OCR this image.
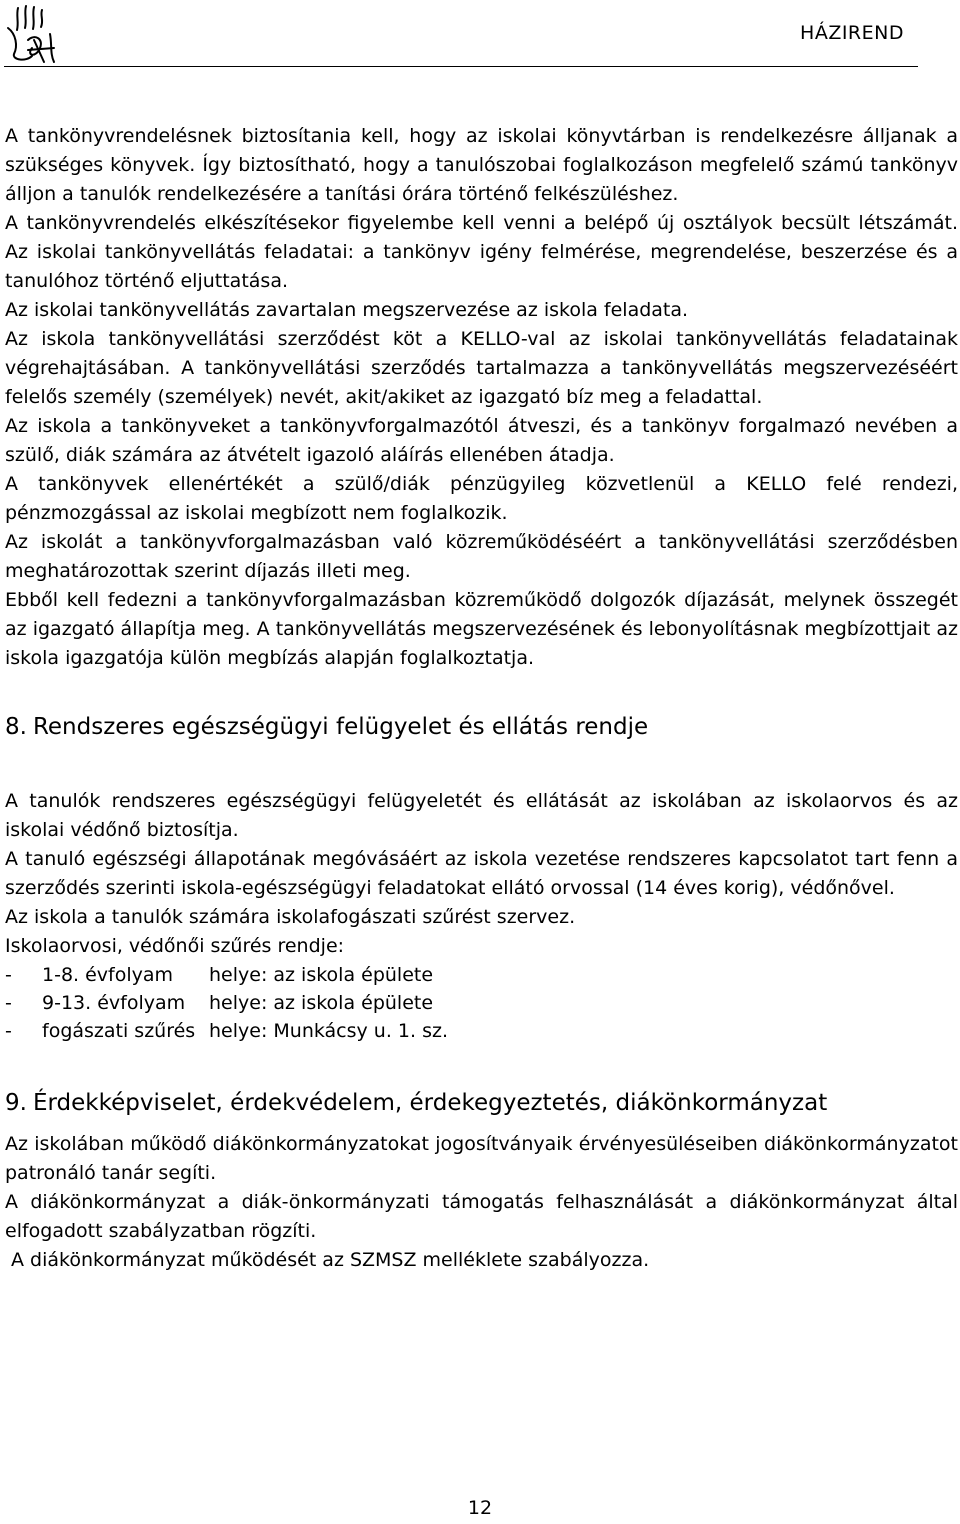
HÁZIREND

A tankönyvrendelésnek biztosítania kell, hogy az iskolai könyvtárban is rendelkezésre álljanak a szükséges könyvek. Így biztosítható, hogy a tanulószobai foglalkozáson megfelelő számú tankönyv álljon a tanulók rendelkezésére a tanítási órára történő felkészüléshez.

A tankönyvrendelés elkészítésekor figyelembe kell venni a belépő új osztályok becsült létszámát. Az iskolai tankönyvellátás feladatai: a tankönyv igény felmérése, megrendelése, beszerzése és a tanulóhoz történő eljuttatása.

Az iskolai tankönyvellátás zavartalan megszervezése az iskola feladata.

Az iskola tankönyvellátási szerződést köt a KELLO-val az iskolai tankönyvellátás feladatainak végrehajtásában. A tankönyvellátási szerződés tartalmazza a tankönyvellátás megszervezéséért felelős személy (személyek) nevét, akit/akiket az igazgató bíz meg a feladattal.

Az iskola a tankönyveket a tankönyvforgalmazótól átveszi, és a tankönyv forgalmazó nevében a szülő, diák számára az átvételt igazoló aláírás ellenében átadja.

A tankönyvek ellenértékét a szülő/diák pénzügyileg közvetlenül a KELLO felé rendezi, pénzmozgással az iskolai megbízott nem foglalkozik.

Az iskolát a tankönyvforgalmazásban való közreműködéséért a tankönyvellátási szerződésben meghatározottak szerint díjazás illeti meg.

Ebből kell fedezni a tankönyvforgalmazásban közreműködő dolgozók díjazását, melynek összegét az igazgató állapítja meg. A tankönyvellátás megszervezésének és lebonyolításnak megbízottjait az iskola igazgatója külön megbízás alapján foglalkoztatja.

8. Rendszeres egészségügyi felügyelet és ellátás rendje

A tanulók rendszeres egészségügyi felügyeletét és ellátását az iskolában az iskolaorvos és az iskolai védőnő biztosítja.

A tanuló egészségi állapotának megóvásáért az iskola vezetése rendszeres kapcsolatot tart fenn a szerződés szerinti iskola-egészségügyi feladatokat ellátó orvossal (14 éves korig), védőnővel.

Az iskola a tanulók számára iskolafogászati szűrést szervez.

Iskolaorvosi, védőnői szűrés rendje:

-	1-8. évfolyam	helye: az iskola épülete
-	9-13. évfolyam	helye: az iskola épülete
-	fogászati szűrés helye: Munkácsy u. 1. sz.
9. Érdekképviselet, érdekvédelem, érdekegyeztetés, diákönkormányzat

Az iskolában működő diákönkormányzatokat jogosítványaik érvényesüléseiben diákönkormányzatot patronáló tanár segíti.

A diákönkormányzat a diák-önkormányzati támogatás felhasználását a diákönkormányzat által elfogadott szabályzatban rögzíti.

A diákönkormányzat működését az SZMSZ melléklete szabályozza.

12
